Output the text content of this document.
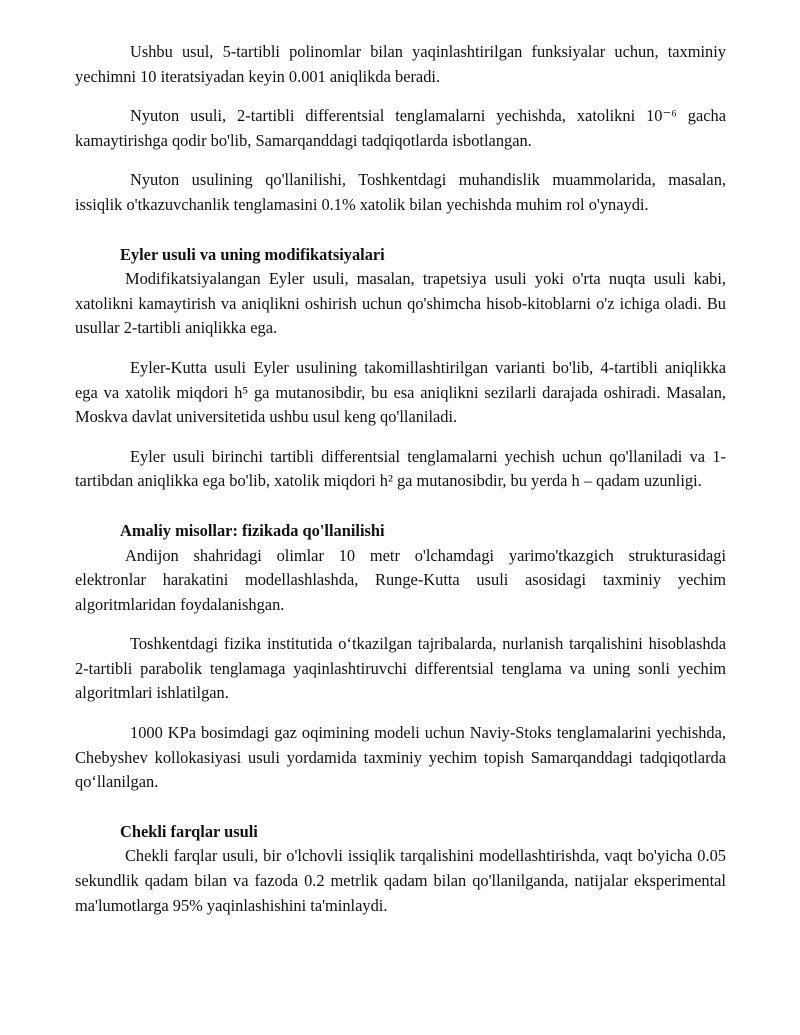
Ushbu usul, 5-tartibli polinomlar bilan yaqinlashtirilgan funksiyalar uchun, taxminiy yechimni 10 iteratsiyadan keyin 0.001 aniqlikda beradi.

Nyuton usuli, 2-tartibli differentsial tenglamalarni yechishda, xatolikni 10⁻⁶ gacha kamaytirishga qodir bo'lib, Samarqanddagi tadqiqotlarda isbotlangan.

Nyuton usulining qo'llanilishi, Toshkentdagi muhandislik muammolarida, masalan, issiqlik o'tkazuvchanlik tenglamasini 0.1% xatolik bilan yechishda muhim rol o'ynaydi.

Eyler usuli va uning modifikatsiyalari

Modifikatsiyalangan Eyler usuli, masalan, trapetsiya usuli yoki o'rta nuqta usuli kabi, xatolikni kamaytirish va aniqlikni oshirish uchun qo'shimcha hisob-kitoblarni o'z ichiga oladi. Bu usullar 2-tartibli aniqlikka ega.

Eyler-Kutta usuli Eyler usulining takomillashtirilgan varianti bo'lib, 4-tartibli aniqlikka ega va xatolik miqdori h⁵ ga mutanosibdir, bu esa aniqlikni sezilarli darajada oshiradi. Masalan, Moskva davlat universitetida ushbu usul keng qo'llaniladi.

Eyler usuli birinchi tartibli differentsial tenglamalarni yechish uchun qo'llaniladi va 1-tartibdan aniqlikka ega bo'lib, xatolik miqdori h² ga mutanosibdir, bu yerda h – qadam uzunligi.

Amaliy misollar: fizikada qo'llanilishi

Andijon shahridagi olimlar 10 metr o'lchamdagi yarimo'tkazgich strukturasidagi elektronlar harakatini modellashlashda, Runge-Kutta usuli asosidagi taxminiy yechim algoritmlaridan foydalanishgan.

Toshkentdagi fizika institutida o‘tkazilgan tajribalarda, nurlanish tarqalishini hisoblashda 2-tartibli parabolik tenglamaga yaqinlashtiruvchi differentsial tenglama va uning sonli yechim algoritmlari ishlatilgan.

1000 KPa bosimdagi gaz oqimining modeli uchun Naviy-Stoks tenglamalarini yechishda, Chebyshev kollokasiyasi usuli yordamida taxminiy yechim topish Samarqanddagi tadqiqotlarda qo‘llanilgan.

Chekli farqlar usuli

Chekli farqlar usuli, bir o'lchovli issiqlik tarqalishini modellashtirishda, vaqt bo'yicha 0.05 sekundlik qadam bilan va fazoda 0.2 metrlik qadam bilan qo'llanilganda, natijalar eksperimental ma'lumotlarga 95% yaqinlashishini ta'minlaydi.
